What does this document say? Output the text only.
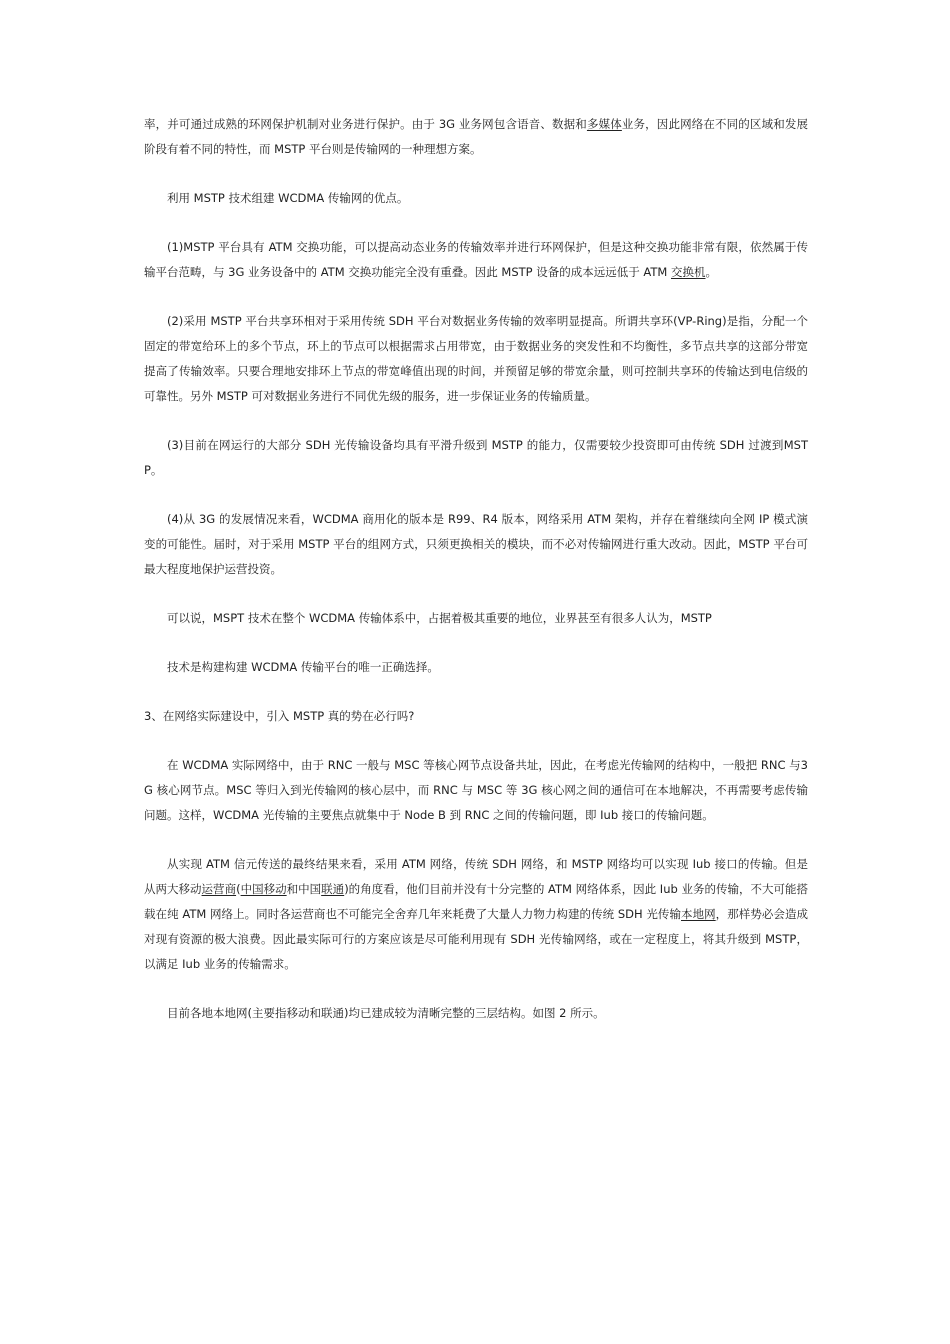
率，并可通过成熟的环网保护机制对业务进行保护。由于 3G 业务网包含语音、数据和多媒体业务，因此网络在不同的区域和发展阶段有着不同的特性，而 MSTP 平台则是传输网的一种理想方案。

利用 MSTP 技术组建 WCDMA 传输网的优点。

(1)MSTP 平台具有 ATM 交换功能，可以提高动态业务的传输效率并进行环网保护，但是这种交换功能非常有限，依然属于传输平台范畴，与 3G 业务设备中的 ATM 交换功能完全没有重叠。因此 MSTP 设备的成本远远低于 ATM 交换机。

(2)采用 MSTP 平台共享环相对于采用传统 SDH 平台对数据业务传输的效率明显提高。所谓共享环(VP-Ring)是指，分配一个固定的带宽给环上的多个节点，环上的节点可以根据需求占用带宽，由于数据业务的突发性和不均衡性，多节点共享的这部分带宽提高了传输效率。只要合理地安排环上节点的带宽峰值出现的时间，并预留足够的带宽余量，则可控制共享环的传输达到电信级的可靠性。另外 MSTP 可对数据业务进行不同优先级的服务，进一步保证业务的传输质量。

(3)目前在网运行的大部分 SDH 光传输设备均具有平滑升级到 MSTP 的能力，仅需要较少投资即可由传统 SDH 过渡到MSTP。

(4)从 3G 的发展情况来看，WCDMA 商用化的版本是 R99、R4 版本，网络采用 ATM 架构，并存在着继续向全网 IP 模式演变的可能性。届时，对于采用 MSTP 平台的组网方式，只须更换相关的模块，而不必对传输网进行重大改动。因此，MSTP 平台可最大程度地保护运营投资。

可以说，MSPT 技术在整个 WCDMA 传输体系中，占据着极其重要的地位，业界甚至有很多人认为，MSTP

技术是构建构建 WCDMA 传输平台的唯一正确选择。

3、在网络实际建设中，引入 MSTP 真的势在必行吗?

在 WCDMA 实际网络中，由于 RNC 一般与 MSC 等核心网节点设备共址，因此，在考虑光传输网的结构中，一般把 RNC 与3G 核心网节点。MSC 等归入到光传输网的核心层中，而 RNC 与 MSC 等 3G 核心网之间的通信可在本地解决，不再需要考虑传输问题。这样，WCDMA 光传输的主要焦点就集中于 Node B 到 RNC 之间的传输问题，即 Iub 接口的传输问题。

从实现 ATM 信元传送的最终结果来看，采用 ATM 网络，传统 SDH 网络，和 MSTP 网络均可以实现 Iub 接口的传输。但是从两大移动运营商(中国移动和中国联通)的角度看，他们目前并没有十分完整的 ATM 网络体系，因此 Iub 业务的传输，不大可能搭载在纯 ATM 网络上。同时各运营商也不可能完全舍弃几年来耗费了大量人力物力构建的传统 SDH 光传输本地网，那样势必会造成对现有资源的极大浪费。因此最实际可行的方案应该是尽可能利用现有 SDH 光传输网络，或在一定程度上，将其升级到 MSTP，以满足 Iub 业务的传输需求。

目前各地本地网(主要指移动和联通)均已建成较为清晰完整的三层结构。如图 2 所示。
